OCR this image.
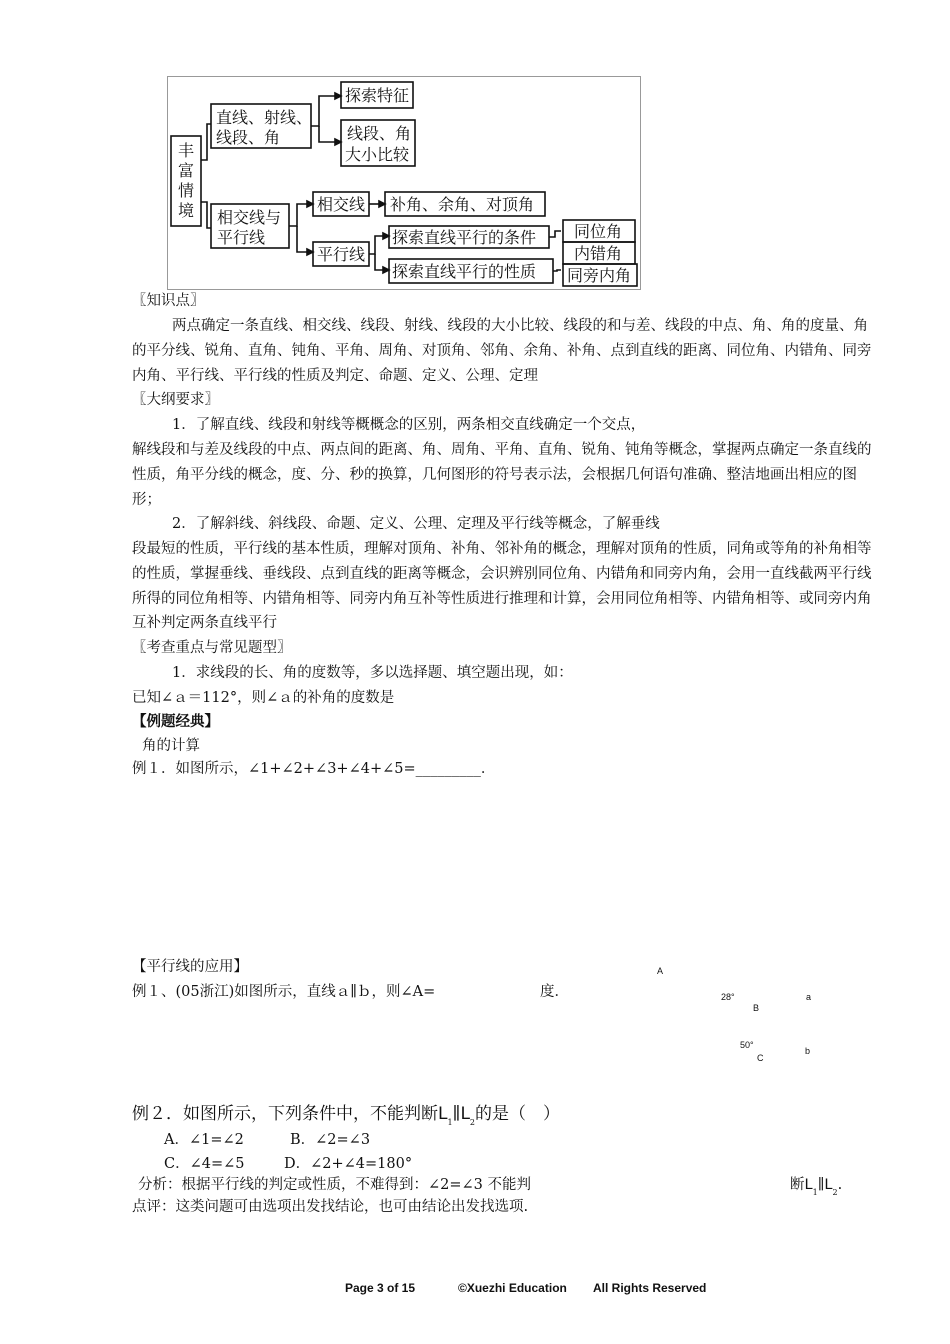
丰
富
情
境
直线、射线、
线段、角
探索特征
线段、角
大小比较
相交线与
平行线
相交线 补角、余角、对顶角
平行线
探索直线平行的条件
探索直线平行的性质
同位角
内错角
同旁内角
〖知识点〗
两点确定一条直线、相交线、线段、射线、线段的大小比较、线段的和与差、线段的中点、角、角的度量、角的平分线、锐角、直角、钝角、平角、周角、对顶角、邻角、余角、补角、点到直线的距离、同位角、内错角、同旁内角、平行线、平行线的性质及判定、命题、定义、公理、定理
〖大纲要求〗
1．了解直线、线段和射线等概概念的区别，两条相交直线确定一个交点，
解线段和与差及线段的中点、两点间的距离、角、周角、平角、直角、锐角、钝角等概念，掌握两点确定一条直线的性质，角平分线的概念，度、分、秒的换算，几何图形的符号表示法，会根据几何语句准确、整洁地画出相应的图形；
2．了解斜线、斜线段、命题、定义、公理、定理及平行线等概念，了解垂线
段最短的性质，平行线的基本性质，理解对顶角、补角、邻补角的概念，理解对顶角的性质，同角或等角的补角相等的性质，掌握垂线、垂线段、点到直线的距离等概念，会识辨别同位角、内错角和同旁内角，会用一直线截两平行线所得的同位角相等、内错角相等、同旁内角互补等性质进行推理和计算，会用同位角相等、内错角相等、或同旁内角互补判定两条直线平行
〖考查重点与常见题型〗
1．求线段的长、角的度数等，多以选择题、填空题出现，如：
已知∠ａ＝112°，则∠ａ的补角的度数是
【例题经典】
角的计算
例１．如图所示，∠1+∠2+∠3+∠4+∠5=_________．
【平行线的应用】
例１、(05浙江)如图所示，直线ａ∥ｂ，则∠A=	度．
A
28°
B
a
50°
C
b
例２．如图所示，下列条件中，不能判断$L_1\parallel L_2$的是（　）
A．∠1=∠2	B．∠2=∠3
C．∠4=∠5	D．∠2+∠4=180°
分析：根据平行线的判定或性质，不难得到：∠2=∠3 不能判	断$L_1\parallel L_2$.
点评：这类问题可由选项出发找结论，也可由结论出发找选项.
Page 3 of 15	©Xuezhi Education All Rights Reserved
